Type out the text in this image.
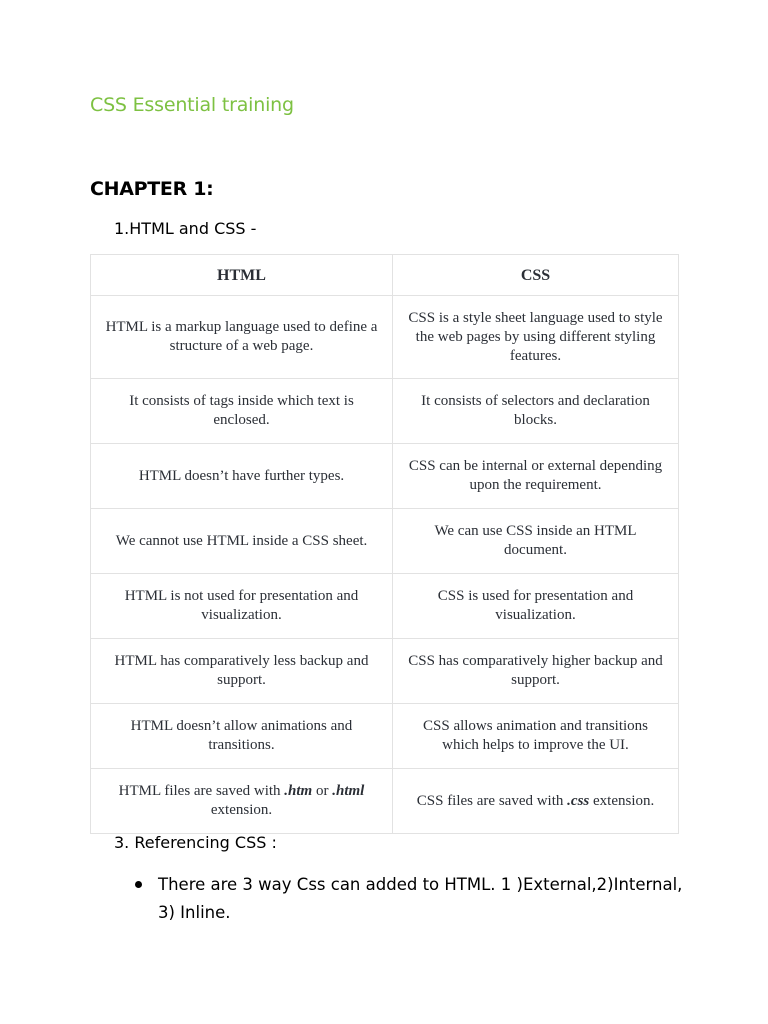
CSS Essential training
CHAPTER 1:

1.HTML and CSS -

HTML	CSS
HTML is a markup language used to define a structure of a web page.	CSS is a style sheet language used to style the web pages by using different styling features.
It consists of tags inside which text is enclosed.	It consists of selectors and declaration blocks.
HTML doesn’t have further types.	CSS can be internal or external depending upon the requirement.
We cannot use HTML inside a CSS sheet.	We can use CSS inside an HTML document.
HTML is not used for presentation and visualization.	CSS is used for presentation and visualization.
HTML has comparatively less backup and support.	CSS has comparatively higher backup and support.
HTML doesn’t allow animations and transitions.	CSS allows animation and transitions which helps to improve the UI.
HTML files are saved with .htm or .html extension.	CSS files are saved with .css extension.

3. Referencing CSS :

There are 3 way Css can added to HTML. 1 )External,2)Internal, 3) Inline.
